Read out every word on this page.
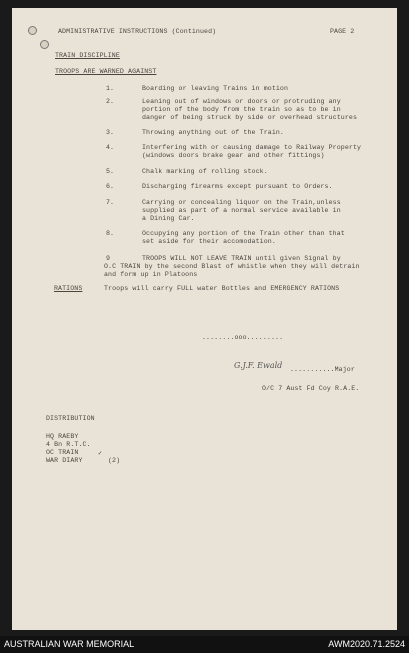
ADMINISTRATIVE INSTRUCTIONS (Continued)	PAGE 2
TRAIN DISCIPLINE
TROOPS ARE WARNED AGAINST
1.	Boarding or leaving Trains in motion
2.	Leaning out of windows or doors or protruding any
portion of the body from the train so as to be in
danger of being struck by side or overhead structures
3.	Throwing anything out of the Train.
4.	Interfering with or causing damage to Railway Property
(windows doors brake gear and other fittings)
5.	Chalk marking of rolling stock.
6.	Discharging firearms except pursuant to Orders.
7.	Carrying or concealing liquor on the Train,unless
supplied as part of a normal service available in
a Dining Car.
8.	Occupying any portion of the Train other than that
set aside for their accomodation.
9	TROOPS WILL NOT LEAVE TRAIN until given Signal by
O.C TRAIN by the second Blast of whistle when they will detrain
and form up in Platoons
RATIONS	Troops will carry FULL water Bottles and EMERGENCY RATIONS
........ooo.........
G.J.F. Ewald ...........Major
O/C 7 Aust Fd Coy R.A.E.
DISTRIBUTION
HQ RAEBY
4 Bn R.T.C.
OC TRAIN	✓
WAR DIARY	(2)
AUSTRALIAN WAR MEMORIAL	AWM2020.71.2524
